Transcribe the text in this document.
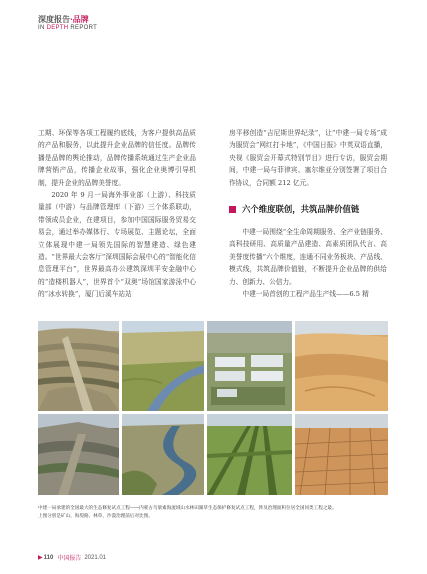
深度报告 · 品牌
IN DEPTH REPORT

工期、环保等各项工程履约底线，为客户提供高品质的产品和服务，以此提升企业品牌的信任度。品牌传播是品牌的舆论推动，品牌传播系统通过生产企业品牌营销产品，传播企业故事，强化企业奥博引导机制，提升企业的品牌美誉度。

2020 年 9 月一局海外事业部（上游）、科技质量部（中游）与品牌管理库（下游）三个体系联动，带领成员企业，在建项目，参加中国国际服务贸易交易会，通过举办媒体行、专场展览、主题论坛，全面立体展现中建一局领先国际的智慧建造、绿色建造。“世界最大会客厅”深圳国际会展中心的“智能化信息管理平台”，世界最高办公建筑深圳平安金融中心的“造楼机器人”，世界首个“双奥”场馆国家游泳中心的“冰水转换”，厦门后溪车站站

房平移创造“吉尼斯世界纪录”，让“中建一局专场”成为服贸会“网红打卡地”，《中国日报》中英双语直播，央视《服贸会开幕式特别节目》进行专访，服贸会期间，中建一局与菲律宾、塞尔维亚分别签署了项目合作协议，合同额 212 亿元。

六个维度联创，共筑品牌价值链

中建一局围绕“全生命周期服务、全产业链服务、高科技研用、高质量产品建造、高素质团队代言、高美誉度传播”六个维度，连通不同业务板块、产品线、模式线，共筑品牌价值链，不断提升企业品牌的供给力、创新力、公信力。

中建一局首创的工程产品生产线——6.5 精

中建一局承建的全国最大的生态修复试点工程——内蒙古乌梁素海流域山水林田湖草生态保护修复试点工程，涉及治理面积位居全国同类工程之最。
上图分别是矿山、海堤路、林草、沙漠治理前后对比图。
▶ 110 中国报告 2021.01
